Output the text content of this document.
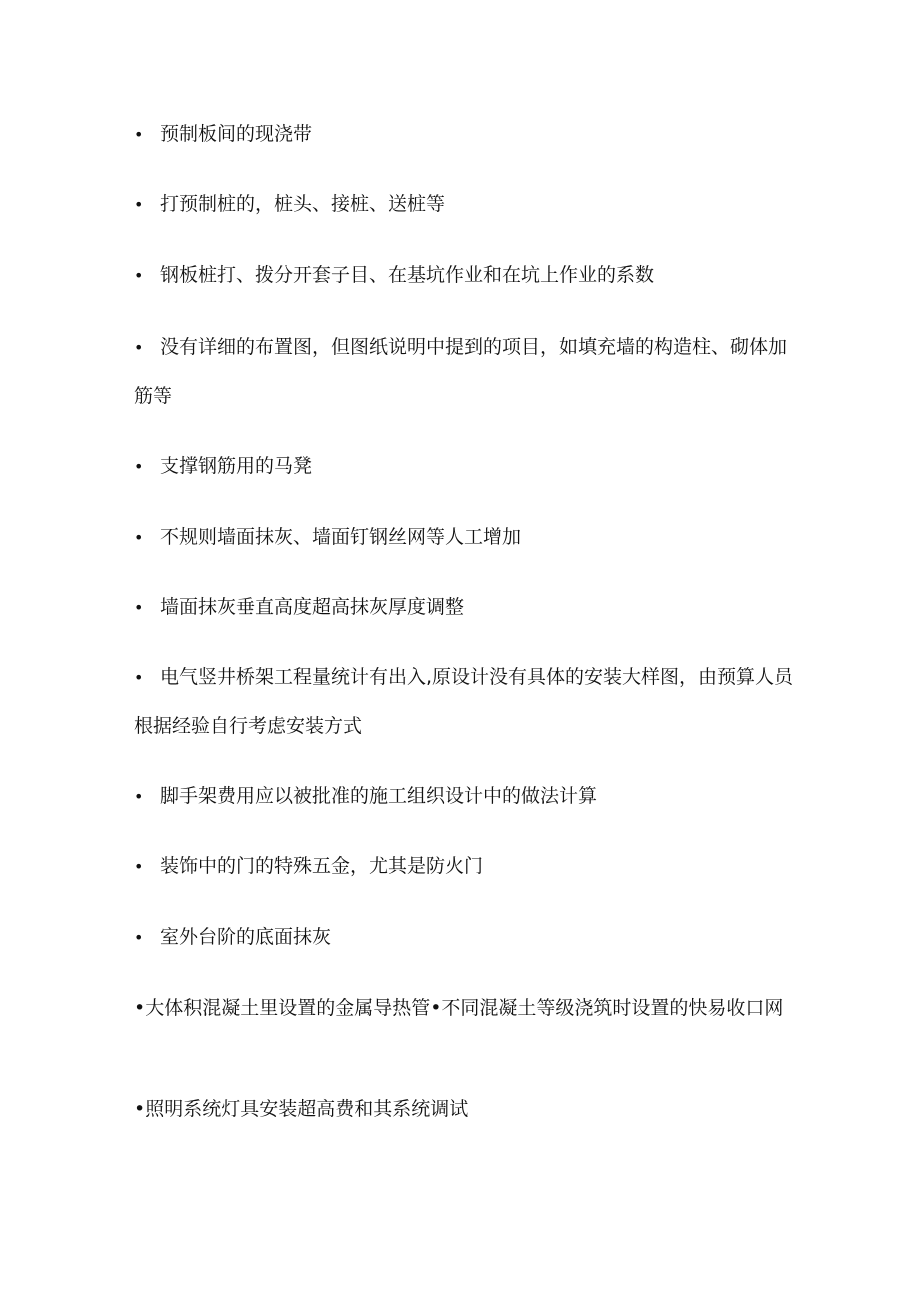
• 预制板间的现浇带
• 打预制桩的，桩头、接桩、送桩等
• 钢板桩打、拨分开套子目、在基坑作业和在坑上作业的系数
• 没有详细的布置图，但图纸说明中提到的项目，如填充墙的构造柱、砌体加筋等
• 支撑钢筋用的马凳
• 不规则墙面抹灰、墙面钉钢丝网等人工增加
• 墙面抹灰垂直高度超高抹灰厚度调整
• 电气竖井桥架工程量统计有出入,原设计没有具体的安装大样图，由预算人员根据经验自行考虑安装方式
• 脚手架费用应以被批准的施工组织设计中的做法计算
• 装饰中的门的特殊五金，尤其是防火门
• 室外台阶的底面抹灰
•大体积混凝土里设置的金属导热管•不同混凝土等级浇筑时设置的快易收口网
•照明系统灯具安装超高费和其系统调试
